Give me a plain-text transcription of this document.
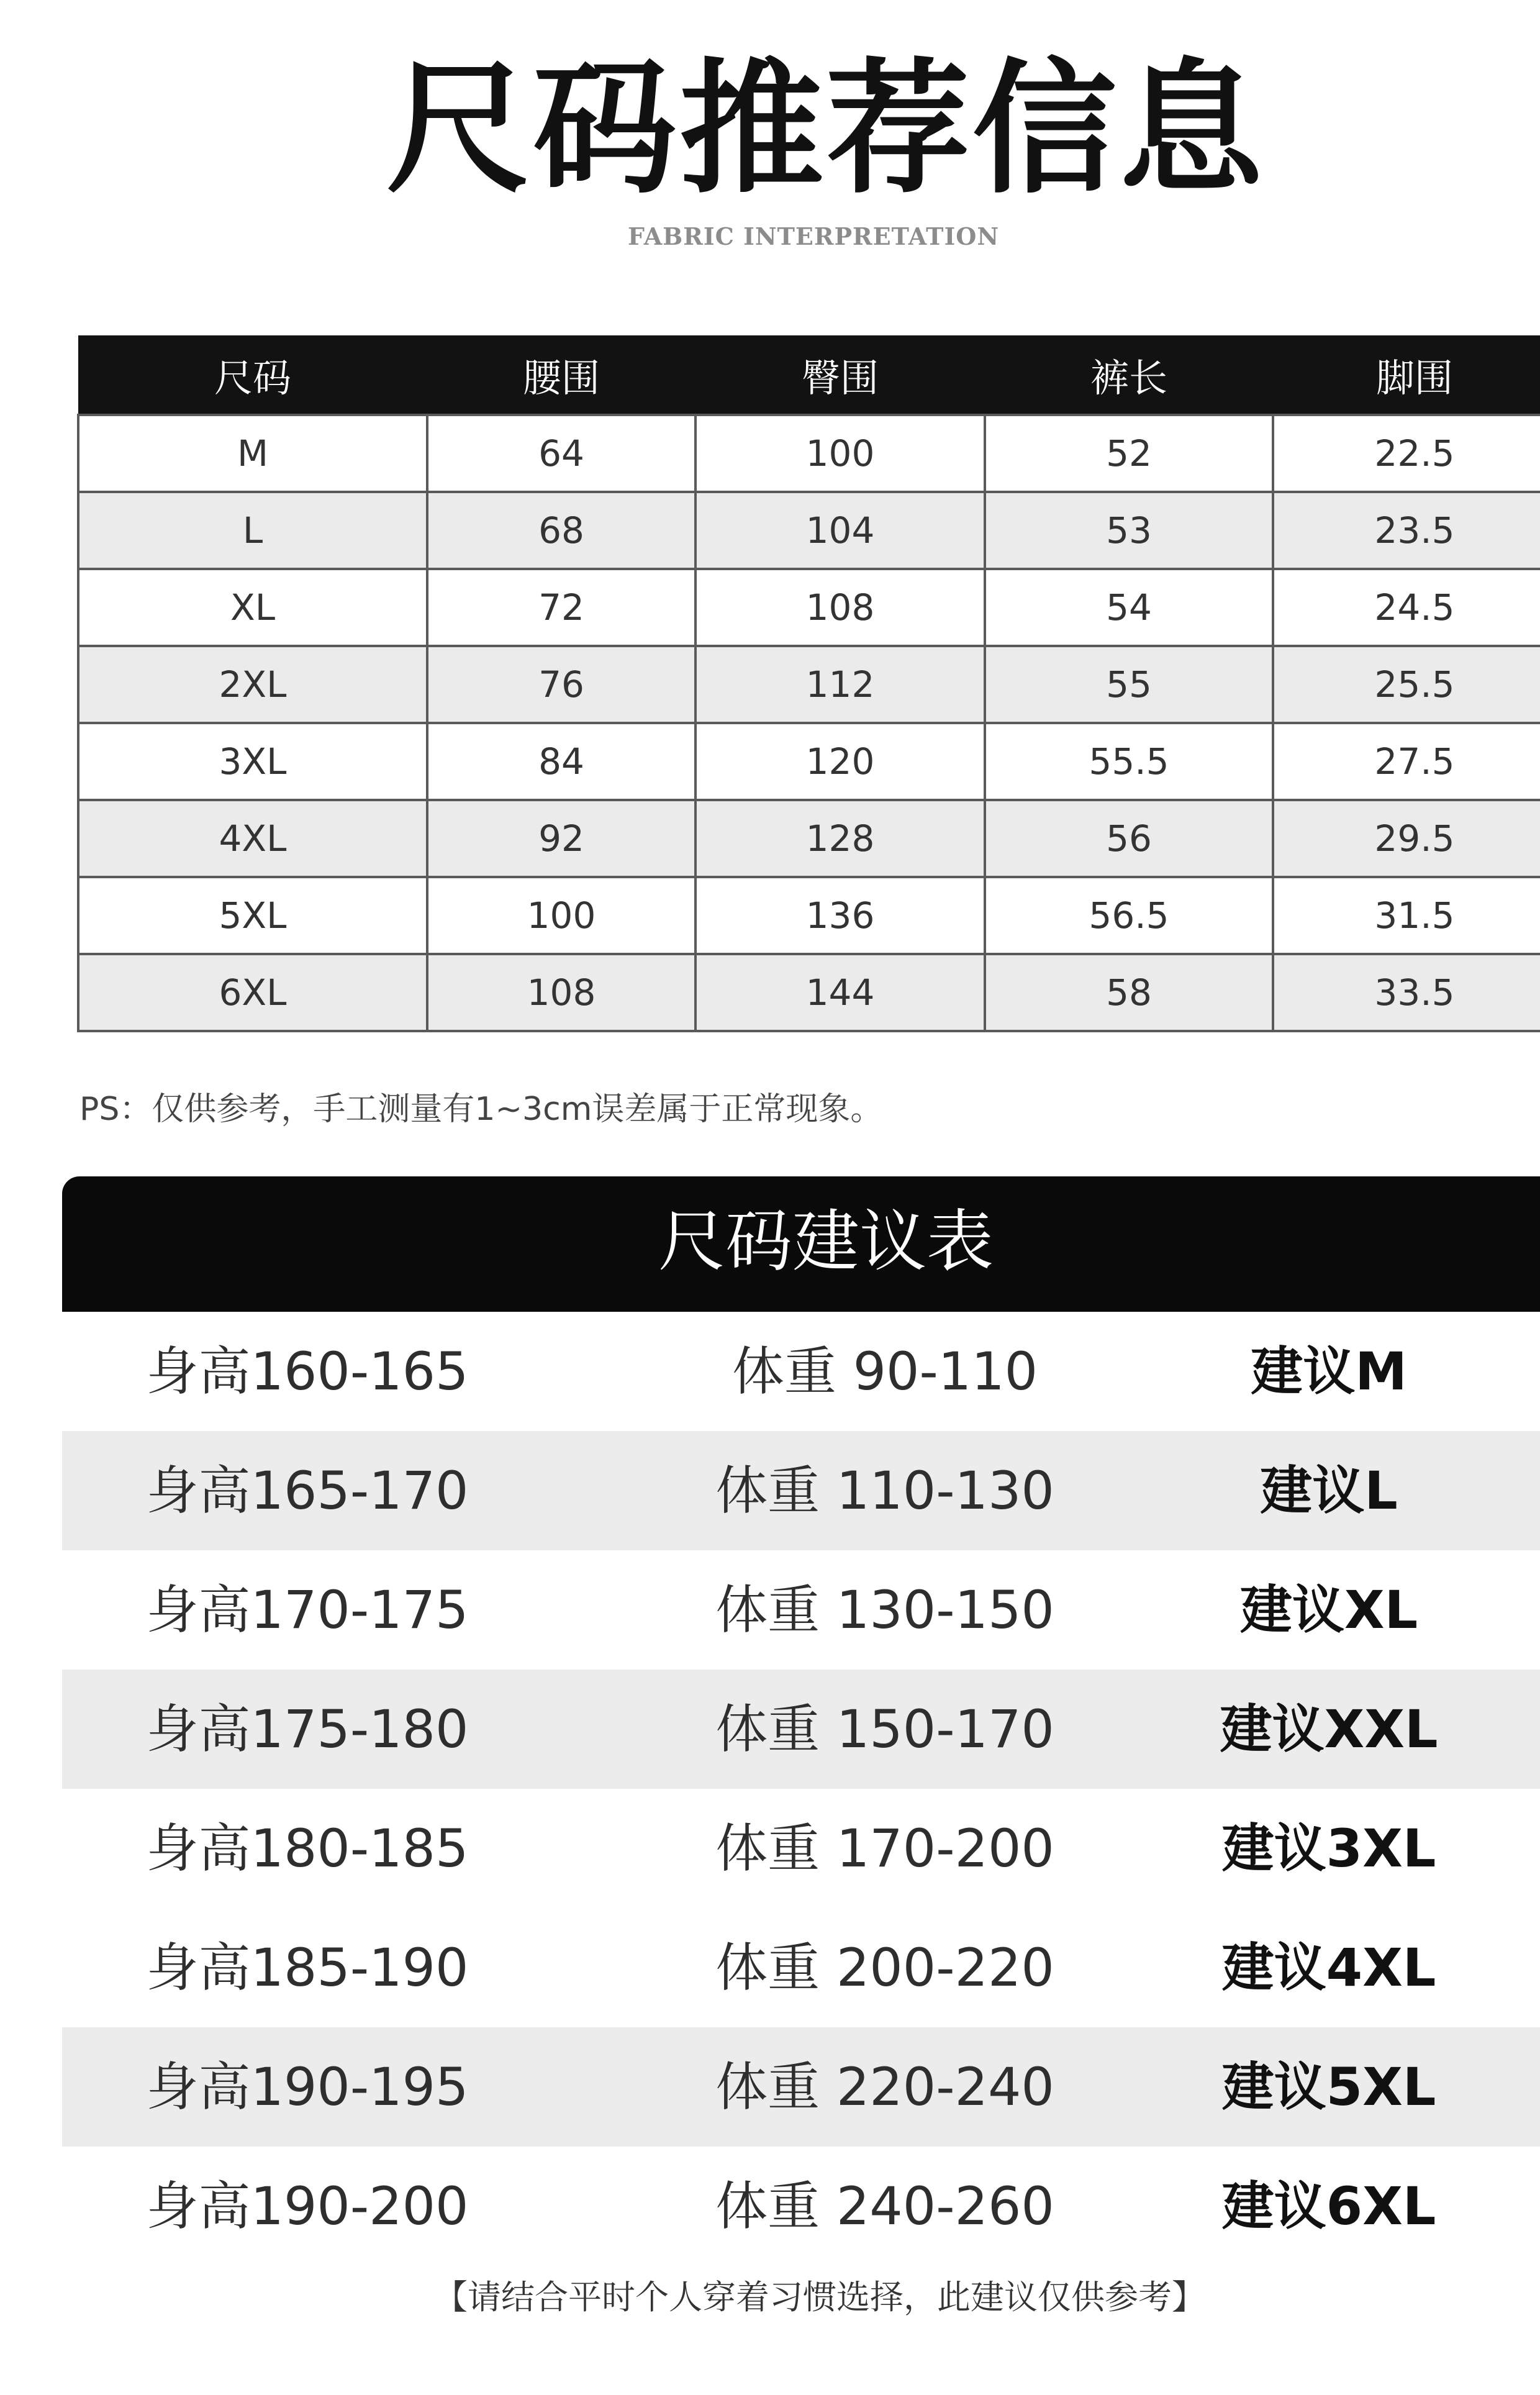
尺码推荐信息
FABRIC INTERPRETATION
尺码	腰围	臀围	裤长	脚围
M	64	100	52	22.5
L	68	104	53	23.5
XL	72	108	54	24.5
2XL	76	112	55	25.5
3XL	84	120	55.5	27.5
4XL	92	128	56	29.5
5XL	100	136	56.5	31.5
6XL	108	144	58	33.5
PS：仅供参考，手工测量有1~3cm误差属于正常现象。
尺码建议表
身高160-165	体重 90-110	建议M
身高165-170	体重 110-130	建议L
身高170-175	体重 130-150	建议XL
身高175-180	体重 150-170	建议XXL
身高180-185	体重 170-200	建议3XL
身高185-190	体重 200-220	建议4XL
身高190-195	体重 220-240	建议5XL
身高190-200	体重 240-260	建议6XL
【请结合平时个人穿着习惯选择，此建议仅供参考】
